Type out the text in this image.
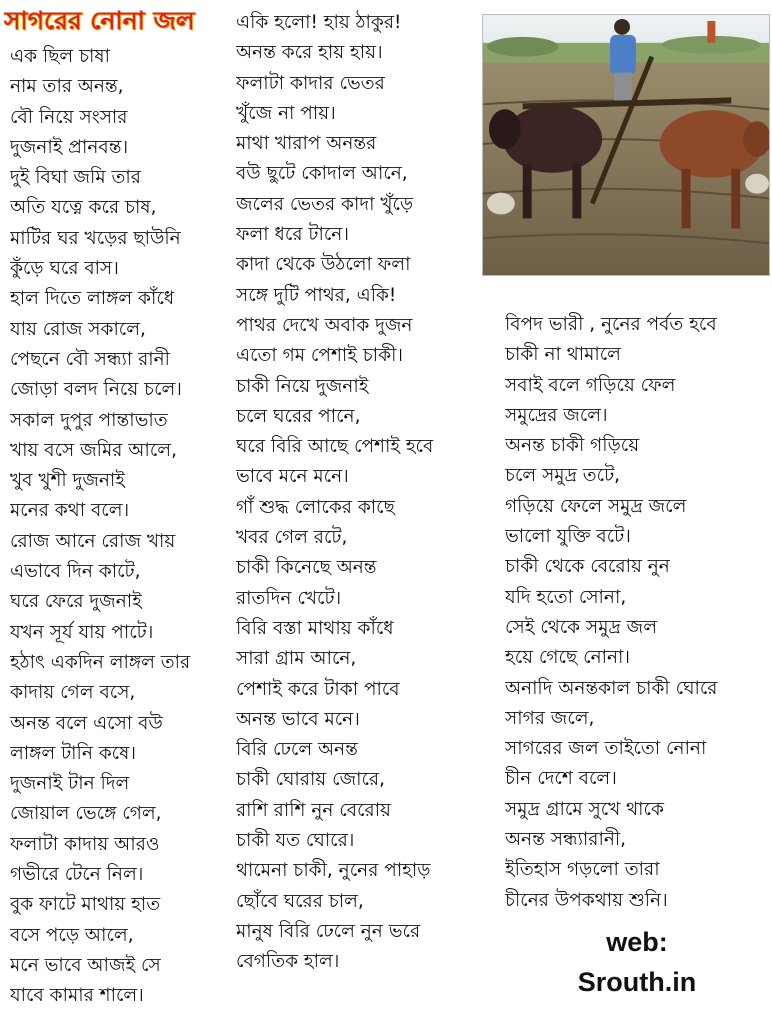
সাগরের নোনা জল
এক ছিল চাষা
নাম তার অনন্ত,
বৌ নিয়ে সংসার
দুজনাই প্রানবন্ত।
দুই বিঘা জমি তার
অতি যত্নে করে চাষ,
মাটির ঘর খড়ের ছাউনি
কুঁড়ে ঘরে বাস।
হাল দিতে লাঙ্গল কাঁধে
যায় রোজ সকালে,
পেছনে বৌ সন্ধ্যা রানী
জোড়া বলদ নিয়ে চলে।
সকাল দুপুর পান্তাভাত
খায় বসে জমির আলে,
খুব খুশী দুজনাই
মনের কথা বলে।
রোজ আনে রোজ খায়
এভাবে দিন কাটে,
ঘরে ফেরে দুজনাই
যখন সূর্য যায় পাটে।
হঠাৎ একদিন লাঙ্গল তার
কাদায় গেল বসে,
অনন্ত বলে এসো বউ
লাঙ্গল টানি কষে।
দুজনাই টান দিল
জোয়াল ভেঙ্গে গেল,
ফলাটা কাদায় আরও
গভীরে টেনে নিল।
বুক ফাটে মাথায় হাত
বসে পড়ে আলে,
মনে ভাবে আজই সে
যাবে কামার শালে।
একি হলো! হায় ঠাকুর!
অনন্ত করে হায় হায়।
ফলাটা কাদার ভেতর
খুঁজে না পায়।
মাথা খারাপ অনন্তর
বউ ছুটে কোদাল আনে,
জলের ভেতর কাদা খুঁড়ে
ফলা ধরে টানে।
কাদা থেকে উঠলো ফলা
সঙ্গে দুটি পাথর, একি!
পাথর দেখে অবাক দুজন
এতো গম পেশাই চাকী।
চাকী নিয়ে দুজনাই
চলে ঘরের পানে,
ঘরে বিরি আছে পেশাই হবে
ভাবে মনে মনে।
গাঁ শুদ্ধ লোকের কাছে
খবর গেল রটে,
চাকী কিনেছে অনন্ত
রাতদিন খেটে।
বিরি বস্তা মাথায় কাঁধে
সারা গ্রাম আনে,
পেশাই করে টাকা পাবে
অনন্ত ভাবে মনে।
বিরি ঢেলে অনন্ত
চাকী ঘোরায় জোরে,
রাশি রাশি নুন বেরোয়
চাকী যত ঘোরে।
থামেনা চাকী, নুনের পাহাড়
ছোঁবে ঘরের চাল,
মানুষ বিরি ঢেলে নুন ভরে
বেগতিক হাল।
বিপদ ভারী , নুনের পর্বত হবে
চাকী না থামালে
সবাই বলে গড়িয়ে ফেল
সমুদ্রের জলে।
অনন্ত চাকী গড়িয়ে
চলে সমুদ্র তটে,
গড়িয়ে ফেলে সমুদ্র জলে
ভালো যুক্তি বটে।
চাকী থেকে বেরোয় নুন
যদি হতো সোনা,
সেই থেকে সমুদ্র জল
হয়ে গেছে নোনা।
অনাদি অনন্তকাল চাকী ঘোরে
সাগর জলে,
সাগরের জল তাইতো নোনা
চীন দেশে বলে।
সমুদ্র গ্রামে সুখে থাকে
অনন্ত সন্ধ্যারানী,
ইতিহাস গড়লো তারা
চীনের উপকথায় শুনি।
web:
Srouth.in
